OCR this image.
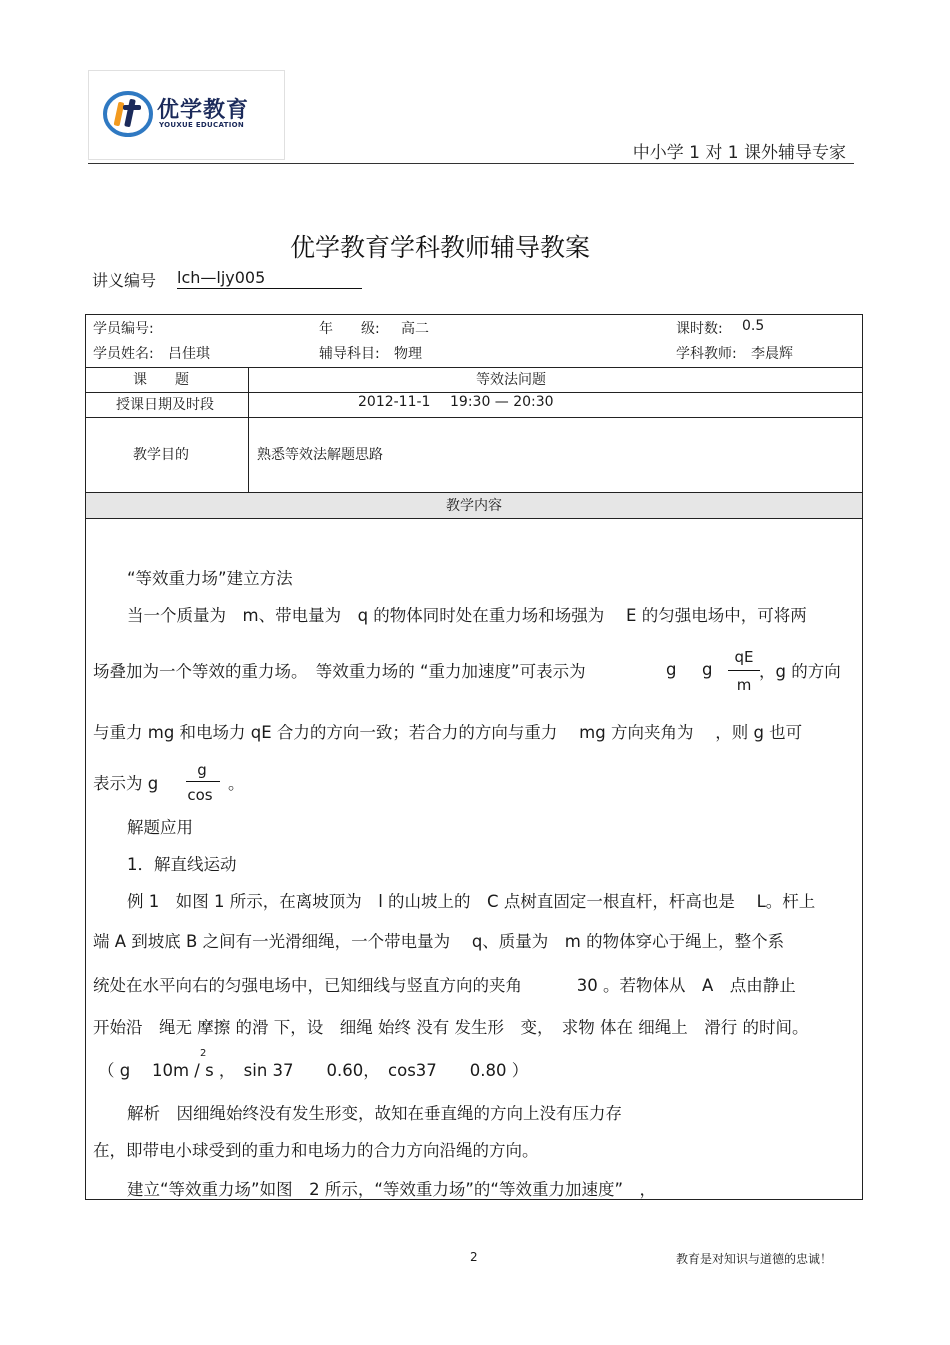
优学教育
YOUXUE EDUCATION
中小学 1 对 1 课外辅导专家
优学教育学科教师辅导教案
讲义编号 lch—ljy005
学员编号:	年　　级: 高二	课时数: 0.5
学员姓名: 吕佳琪	辅导科目: 物理	学科教师: 李晨辉
课　　题	等效法问题
授课日期及时段	2012-11-1 19:30 — 20:30
教学目的	熟悉等效法解题思路
教学内容
“等效重力场”建立方法
当一个质量为　m、带电量为　q 的物体同时处在重力场和场强为　 E 的匀强电场中，可将两
场叠加为一个等效的重力场。　等效重力场的 “重力加速度”可表示为	g g
qE
m
，g 的方向
与重力 mg 和电场力 qE 合力的方向一致；若合力的方向与重力　 mg 方向夹角为　 ，则 g 也可
表示为 g
g
cos
。
解题应用
1．解直线运动
例 1　如图 1 所示，在离坡顶为　l 的山坡上的　C 点树直固定一根直杆，杆高也是　 L。杆上
端 A 到坡底 B 之间有一光滑细绳，一个带电量为　 q、质量为　m 的物体穿心于绳上，整个系
统处在水平向右的匀强电场中，已知细线与竖直方向的夹角　　　 30 。若物体从　A　点由静止
开始沿　绳无 摩擦 的滑 下，设　细绳 始终 没有 发生形　变，　求物 体在 细绳上　滑行 的时间。
（ g　 10m / s ，　sin 37　　0.60，　cos37　　0.80 ）
2
解析　因细绳始终没有发生形变，故知在垂直绳的方向上没有压力存
在，即带电小球受到的重力和电场力的合力方向沿绳的方向。
建立“等效重力场”如图　2 所示，“等效重力场”的“等效重力加速度”　，
2	教育是对知识与道德的忠诚！
